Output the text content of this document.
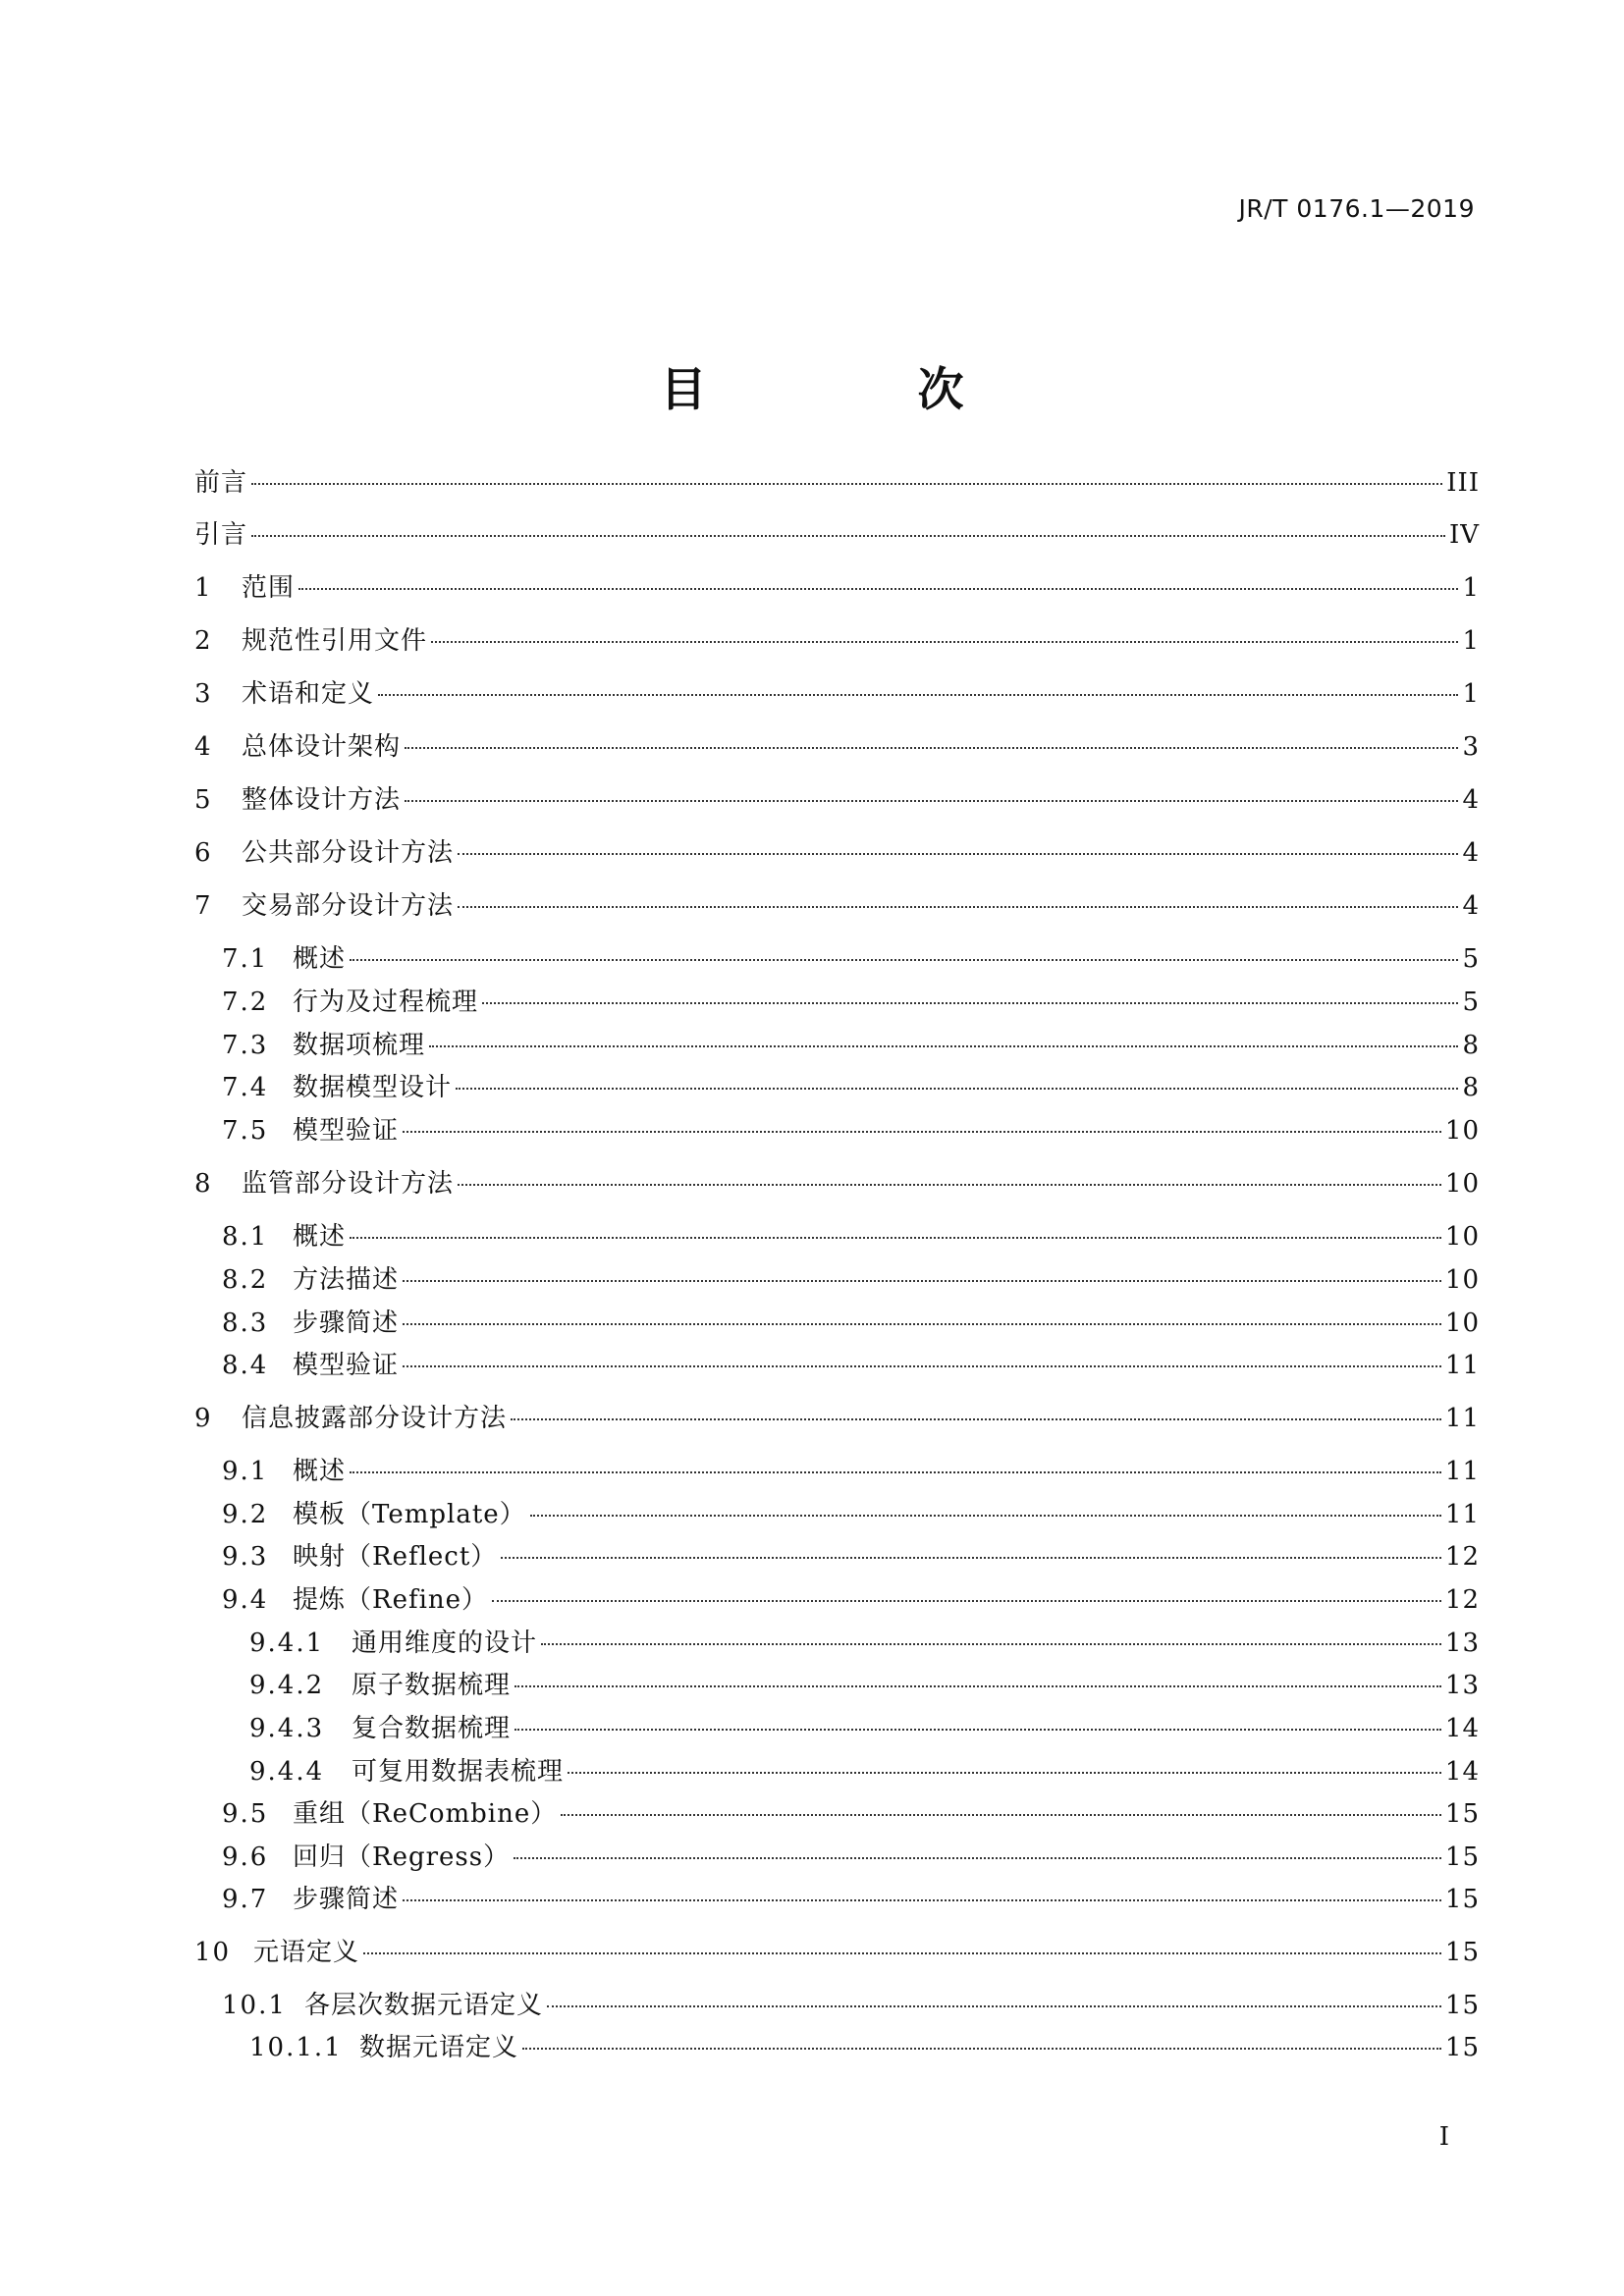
JR/T 0176.1—2019
目　次
前言	III
引言	IV
1	范围	1
2	规范性引用文件	1
3	术语和定义	1
4	总体设计架构	3
5	整体设计方法	4
6	公共部分设计方法	4
7	交易部分设计方法	4
7.1 概述	5
7.2 行为及过程梳理	5
7.3 数据项梳理	8
7.4 数据模型设计	8
7.5 模型验证	10
8	监管部分设计方法	10
8.1 概述	10
8.2 方法描述	10
8.3 步骤简述	10
8.4 模型验证	11
9	信息披露部分设计方法	11
9.1 概述	11
9.2 模板（Template）	11
9.3 映射（Reflect）	12
9.4 提炼（Refine）	12
9.4.1	通用维度的设计	13
9.4.2	原子数据梳理	13
9.4.3	复合数据梳理	14
9.4.4	可复用数据表梳理	14
9.5 重组（ReCombine）	15
9.6 回归（Regress）	15
9.7 步骤简述	15
10 元语定义	15
10.1 各层次数据元语定义	15
10.1.1 数据元语定义	15
I
